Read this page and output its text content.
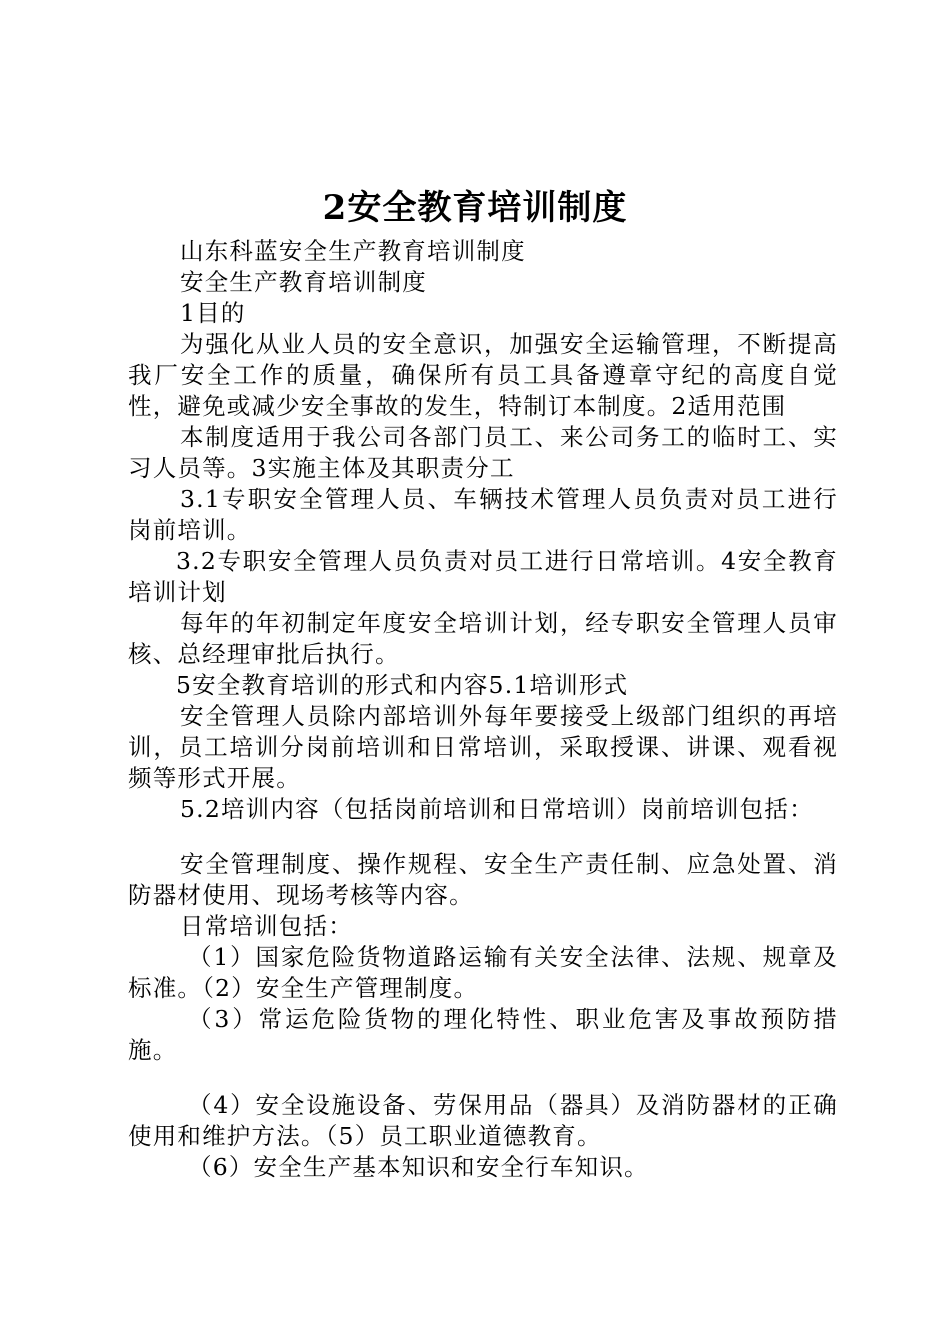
2安全教育培训制度

山东科蓝安全生产教育培训制度

安全生产教育培训制度

1目的

为强化从业人员的安全意识，加强安全运输管理，不断提高我厂安全工作的质量，确保所有员工具备遵章守纪的高度自觉性，避免或减少安全事故的发生，特制订本制度。2适用范围

本制度适用于我公司各部门员工、来公司务工的临时工、实习人员等。3实施主体及其职责分工

3.1专职安全管理人员、车辆技术管理人员负责对员工进行岗前培训。

3.2专职安全管理人员负责对员工进行日常培训。4安全教育培训计划

每年的年初制定年度安全培训计划，经专职安全管理人员审核、总经理审批后执行。

5安全教育培训的形式和内容5.1培训形式

安全管理人员除内部培训外每年要接受上级部门组织的再培训，员工培训分岗前培训和日常培训，采取授课、讲课、观看视频等形式开展。

5.2培训内容（包括岗前培训和日常培训）岗前培训包括：

安全管理制度、操作规程、安全生产责任制、应急处置、消防器材使用、现场考核等内容。

日常培训包括：

（1）国家危险货物道路运输有关安全法律、法规、规章及标准。（2）安全生产管理制度。

（3）常运危险货物的理化特性、职业危害及事故预防措施。

（4）安全设施设备、劳保用品（器具）及消防器材的正确使用和维护方法。（5）员工职业道德教育。

（6）安全生产基本知识和安全行车知识。
